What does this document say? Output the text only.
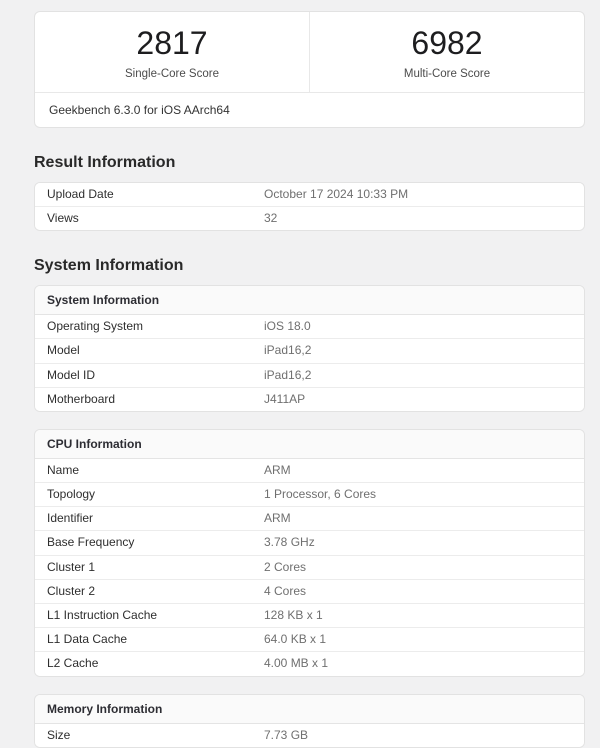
2817
Single-Core Score
6982
Multi-Core Score
Geekbench 6.3.0 for iOS AArch64
Result Information
Upload Date	October 17 2024 10:33 PM
Views	32
System Information
System Information
Operating System	iOS 18.0
Model	iPad16,2
Model ID	iPad16,2
Motherboard	J411AP
CPU Information
Name	ARM
Topology	1 Processor, 6 Cores
Identifier	ARM
Base Frequency	3.78 GHz
Cluster 1	2 Cores
Cluster 2	4 Cores
L1 Instruction Cache	128 KB x 1
L1 Data Cache	64.0 KB x 1
L2 Cache	4.00 MB x 1
Memory Information
Size	7.73 GB
